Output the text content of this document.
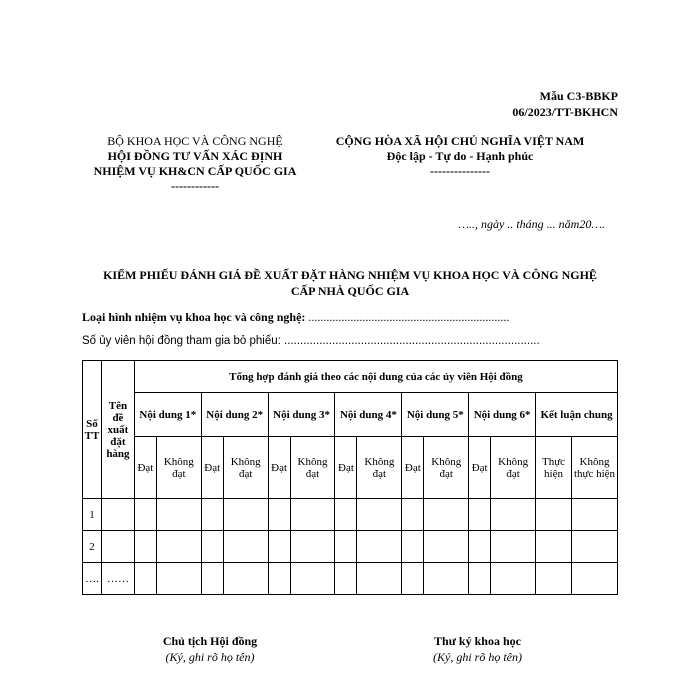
Mẫu C3-BBKP
06/2023/TT-BKHCN
BỘ KHOA HỌC VÀ CÔNG NGHỆ
HỘI ĐỒNG TƯ VẤN XÁC ĐỊNH
NHIỆM VỤ KH&CN CẤP QUỐC GIA
------------
CỘNG HÒA XÃ HỘI CHỦ NGHĨA VIỆT NAM
Độc lập - Tự do - Hạnh phúc
---------------
….., ngày .. tháng ... năm20….
KIỂM PHIẾU ĐÁNH GIÁ ĐỀ XUẤT ĐẶT HÀNG NHIỆM VỤ KHOA HỌC VÀ CÔNG NGHỆ
CẤP NHÀ QUỐC GIA
Loại hình nhiệm vụ khoa học và công nghệ: ...................................................................
Số ủy viên hội đồng tham gia bỏ phiếu: ................................................................................
Số TT	Tên đề xuất đặt hàng	Tổng hợp đánh giá theo các nội dung của các ủy viên Hội đồng													
		Nội dung 1*		Nội dung 2*		Nội dung 3*		Nội dung 4*		Nội dung 5*		Nội dung 6*		Kết luận chung	
		Đạt	Không đạt	Đạt	Không đạt	Đạt	Không đạt	Đạt	Không đạt	Đạt	Không đạt	Đạt	Không đạt	Thực hiện	Không thực hiện
1															
2															
….	……														
Chủ tịch Hội đồng
(Ký, ghi rõ họ tên)
Thư ký khoa học
(Ký, ghi rõ họ tên)
